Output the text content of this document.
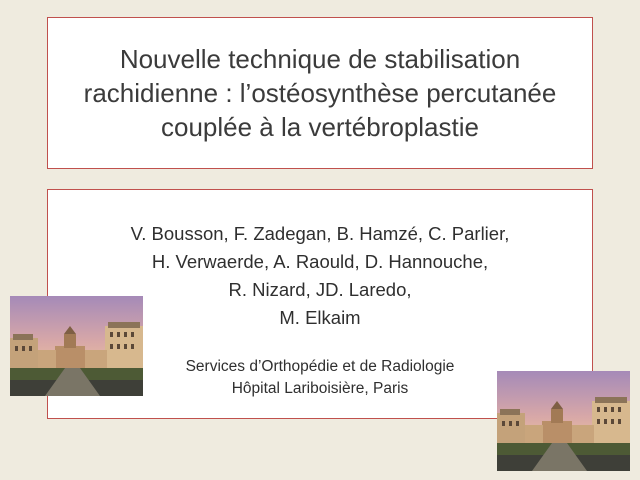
Nouvelle technique de stabilisation
rachidienne : l’ostéosynthèse percutanée
couplée à la vertébroplastie
V. Bousson, F. Zadegan, B. Hamzé, C. Parlier,
H. Verwaerde, A. Raould, D. Hannouche,
R. Nizard, JD. Laredo,
M. Elkaim
Services d’Orthopédie et de Radiologie
Hôpital Lariboisière, Paris
